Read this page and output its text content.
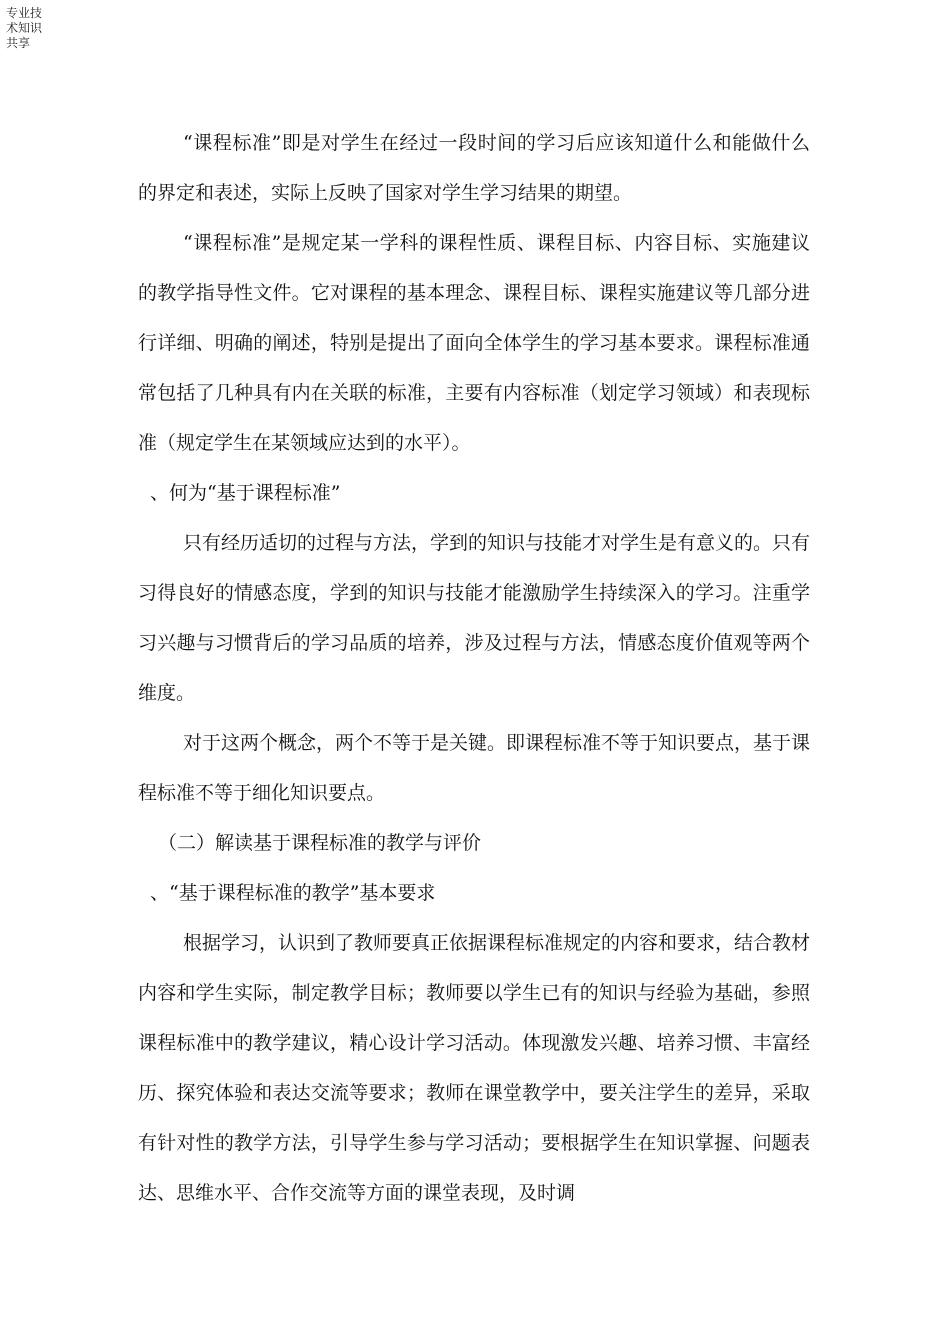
专业技术知识共享

“课程标准”即是对学生在经过一段时间的学习后应该知道什么和能做什么的界定和表述，实际上反映了国家对学生学习结果的期望。

“课程标准”是规定某一学科的课程性质、课程目标、内容目标、实施建议的教学指导性文件。它对课程的基本理念、课程目标、课程实施建议等几部分进行详细、明确的阐述，特别是提出了面向全体学生的学习基本要求。课程标准通常包括了几种具有内在关联的标准，主要有内容标准（划定学习领域）和表现标准（规定学生在某领域应达到的水平）。

、何为“基于课程标准”

只有经历适切的过程与方法，学到的知识与技能才对学生是有意义的。只有习得良好的情感态度，学到的知识与技能才能激励学生持续深入的学习。注重学习兴趣与习惯背后的学习品质的培养，涉及过程与方法，情感态度价值观等两个维度。

对于这两个概念，两个不等于是关键。即课程标准不等于知识要点，基于课程标准不等于细化知识要点。

（二）解读基于课程标准的教学与评价

、“基于课程标准的教学”基本要求

根据学习，认识到了教师要真正依据课程标准规定的内容和要求，结合教材内容和学生实际，制定教学目标；教师要以学生已有的知识与经验为基础，参照课程标准中的教学建议，精心设计学习活动。体现激发兴趣、培养习惯、丰富经历、探究体验和表达交流等要求；教师在课堂教学中，要关注学生的差异，采取有针对性的教学方法，引导学生参与学习活动；要根据学生在知识掌握、问题表达、思维水平、合作交流等方面的课堂表现，及时调
